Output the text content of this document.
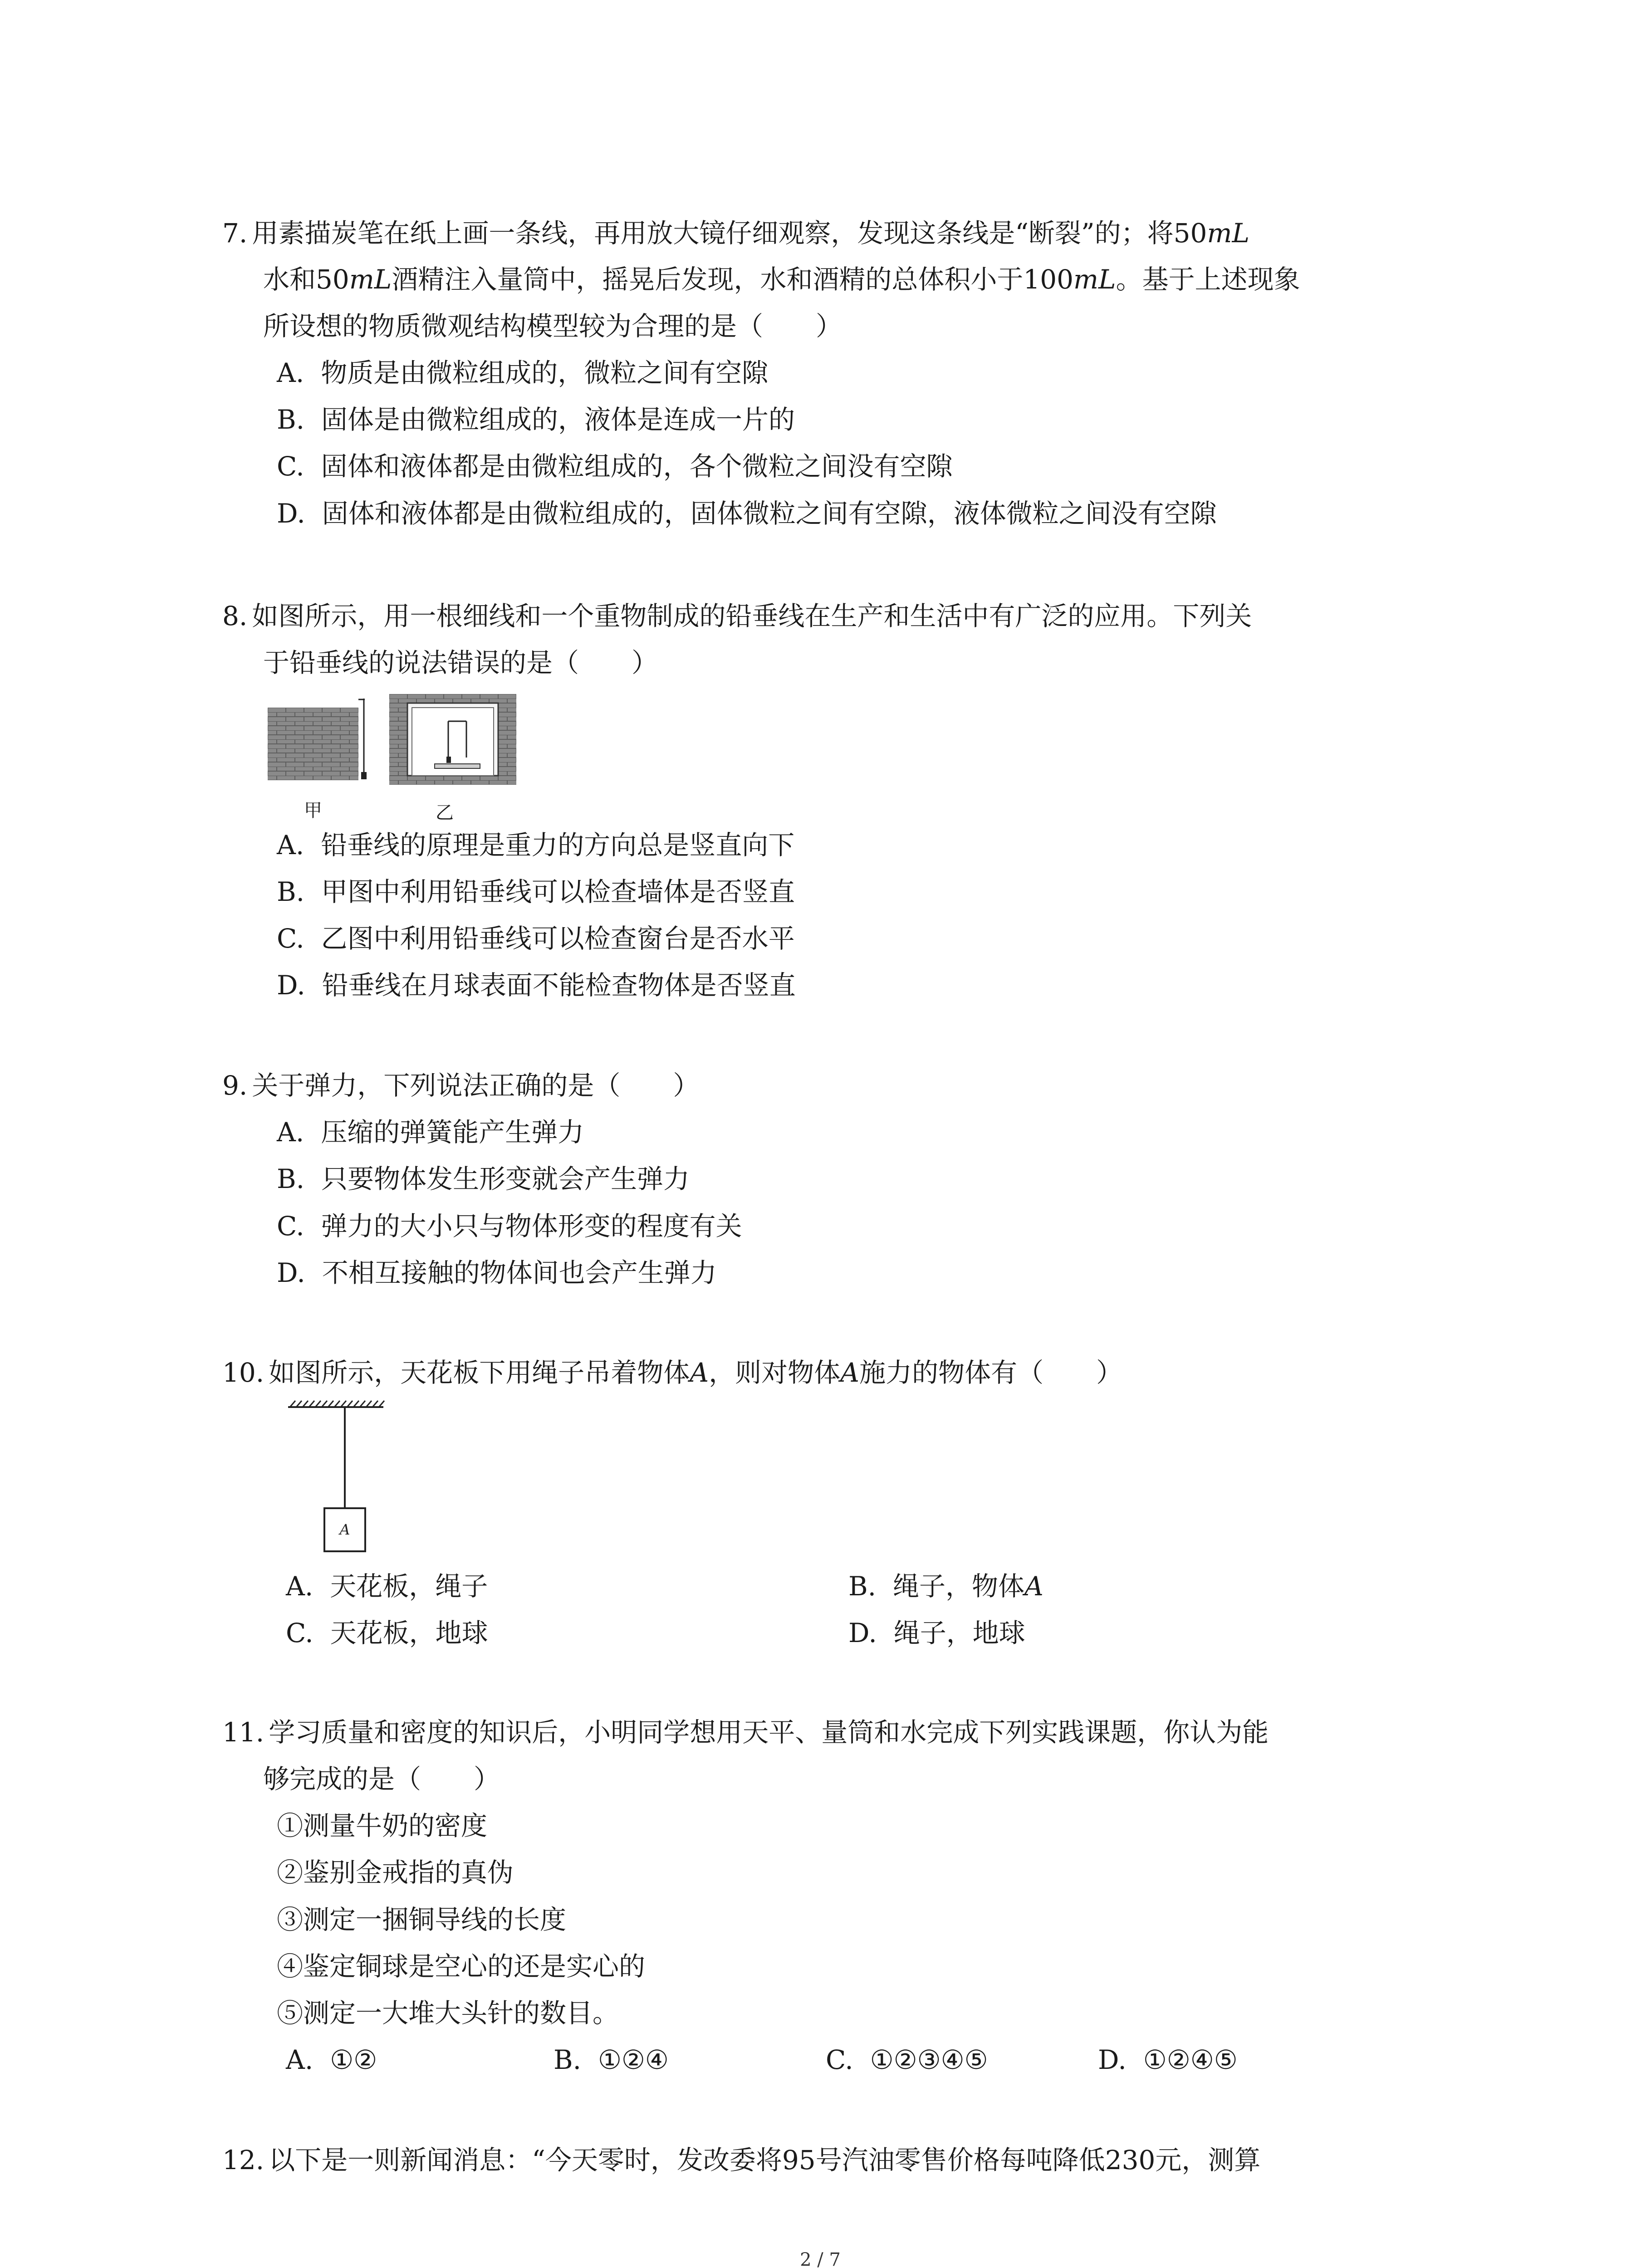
7. 用素描炭笔在纸上画一条线，再用放大镜仔细观察，发现这条线是“断裂”的；将50mL
水和50mL酒精注入量筒中，摇晃后发现，水和酒精的总体积小于100mL。基于上述现象
所设想的物质微观结构模型较为合理的是（　　）
A. 物质是由微粒组成的，微粒之间有空隙
B. 固体是由微粒组成的，液体是连成一片的
C. 固体和液体都是由微粒组成的，各个微粒之间没有空隙
D. 固体和液体都是由微粒组成的，固体微粒之间有空隙，液体微粒之间没有空隙
8. 如图所示，用一根细线和一个重物制成的铅垂线在生产和生活中有广泛的应用。下列关
于铅垂线的说法错误的是（　　）
甲	乙
A. 铅垂线的原理是重力的方向总是竖直向下
B. 甲图中利用铅垂线可以检查墙体是否竖直
C. 乙图中利用铅垂线可以检查窗台是否水平
D. 铅垂线在月球表面不能检查物体是否竖直
9. 关于弹力，下列说法正确的是（　　）
A. 压缩的弹簧能产生弹力
B. 只要物体发生形变就会产生弹力
C. 弹力的大小只与物体形变的程度有关
D. 不相互接触的物体间也会产生弹力
10. 如图所示，天花板下用绳子吊着物体A，则对物体A施力的物体有（　　）
A
A. 天花板，绳子	B. 绳子，物体A
C. 天花板，地球	D. 绳子，地球
11. 学习质量和密度的知识后，小明同学想用天平、量筒和水完成下列实践课题，你认为能
够完成的是（　　）
①测量牛奶的密度
②鉴别金戒指的真伪
③测定一捆铜导线的长度
④鉴定铜球是空心的还是实心的
⑤测定一大堆大头针的数目。
A. ①②	B. ①②④	C. ①②③④⑤	D. ①②④⑤
12. 以下是一则新闻消息：“今天零时，发改委将95号汽油零售价格每吨降低230元，测算
2 / 7
